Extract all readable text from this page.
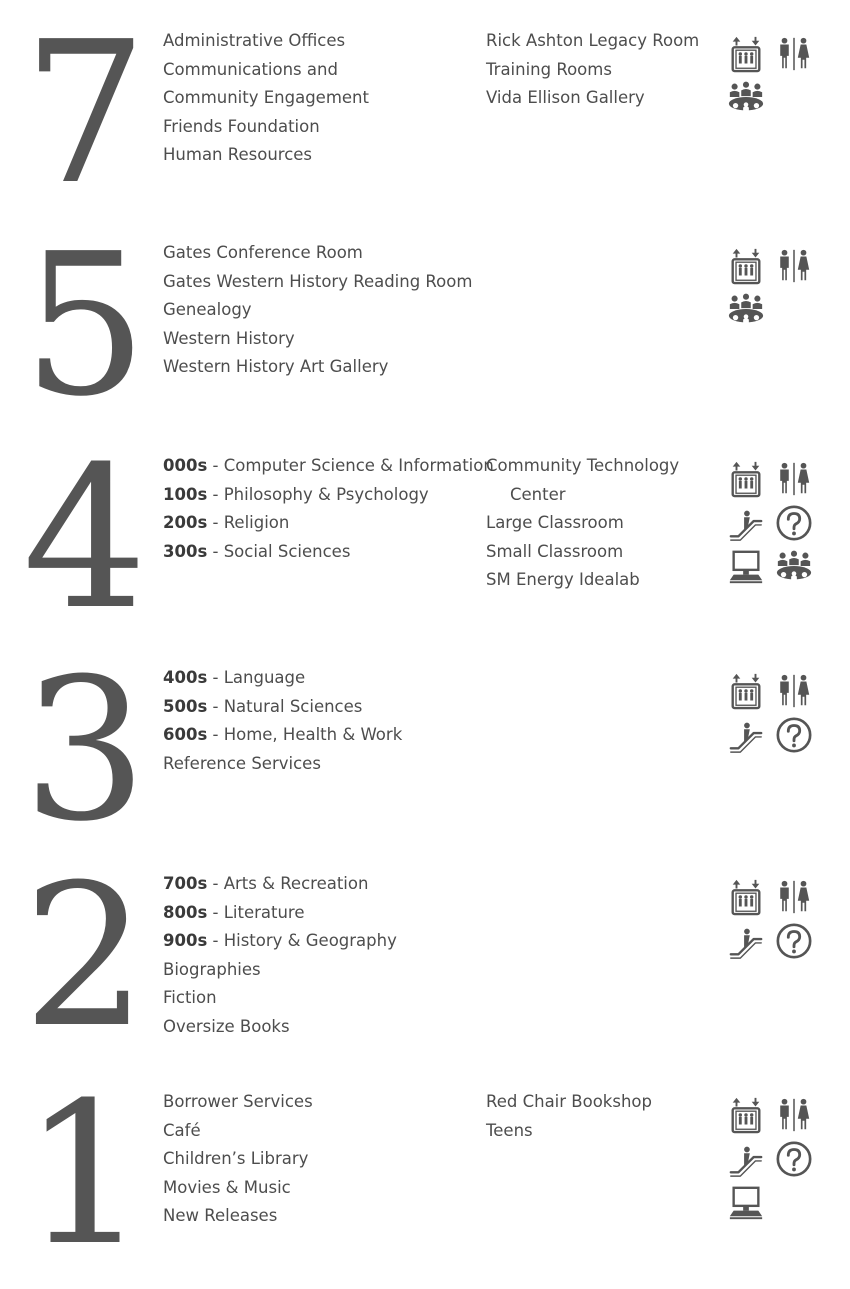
7 Administrative Offices
Communications and
Community Engagement
Friends Foundation
Human Resources
Rick Ashton Legacy Room
Training Rooms
Vida Ellison Gallery
5 Gates Conference Room
Gates Western History Reading Room
Genealogy
Western History
Western History Art Gallery
4 000s - Computer Science & Information
100s - Philosophy & Psychology
200s - Religion
300s - Social Sciences
Community Technology
Center
Large Classroom
Small Classroom
SM Energy Idealab
3 400s - Language
500s - Natural Sciences
600s - Home, Health & Work
Reference Services
2 700s - Arts & Recreation
800s - Literature
900s - History & Geography
Biographies
Fiction
Oversize Books
1 Borrower Services
Café
Children’s Library
Movies & Music
New Releases
Red Chair Bookshop
Teens
